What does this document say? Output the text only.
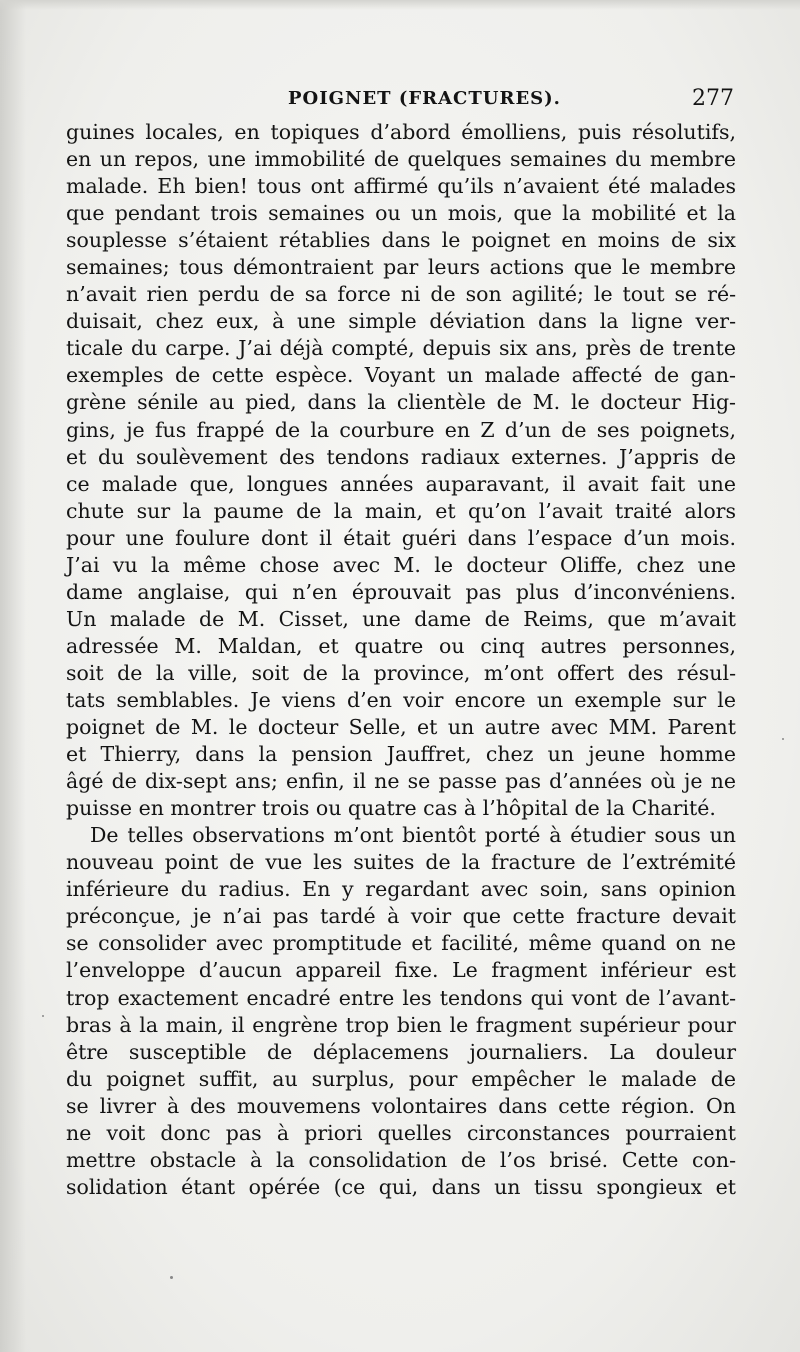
POIGNET (FRACTURES).	277
guines locales, en topiques d’abord émolliens, puis résolutifs,
en un repos, une immobilité de quelques semaines du membre
malade. Eh bien! tous ont affirmé qu’ils n’avaient été malades
que pendant trois semaines ou un mois, que la mobilité et la
souplesse s’étaient rétablies dans le poignet en moins de six
semaines; tous démontraient par leurs actions que le membre
n’avait rien perdu de sa force ni de son agilité; le tout se ré-
duisait, chez eux, à une simple déviation dans la ligne ver-
ticale du carpe. J’ai déjà compté, depuis six ans, près de trente
exemples de cette espèce. Voyant un malade affecté de gan-
grène sénile au pied, dans la clientèle de M. le docteur Hig-
gins, je fus frappé de la courbure en Z d’un de ses poignets,
et du soulèvement des tendons radiaux externes. J’appris de
ce malade que, longues années auparavant, il avait fait une
chute sur la paume de la main, et qu’on l’avait traité alors
pour une foulure dont il était guéri dans l’espace d’un mois.
J’ai vu la même chose avec M. le docteur Oliffe, chez une
dame anglaise, qui n’en éprouvait pas plus d’inconvéniens.
Un malade de M. Cisset, une dame de Reims, que m’avait
adressée M. Maldan, et quatre ou cinq autres personnes,
soit de la ville, soit de la province, m’ont offert des résul-
tats semblables. Je viens d’en voir encore un exemple sur le
poignet de M. le docteur Selle, et un autre avec MM. Parent
et Thierry, dans la pension Jauffret, chez un jeune homme
âgé de dix-sept ans; enfin, il ne se passe pas d’années où je ne
puisse en montrer trois ou quatre cas à l’hôpital de la Charité.
De telles observations m’ont bientôt porté à étudier sous un
nouveau point de vue les suites de la fracture de l’extrémité
inférieure du radius. En y regardant avec soin, sans opinion
préconçue, je n’ai pas tardé à voir que cette fracture devait
se consolider avec promptitude et facilité, même quand on ne
l’enveloppe d’aucun appareil fixe. Le fragment inférieur est
trop exactement encadré entre les tendons qui vont de l’avant-
bras à la main, il engrène trop bien le fragment supérieur pour
être susceptible de déplacemens journaliers. La douleur
du poignet suffit, au surplus, pour empêcher le malade de
se livrer à des mouvemens volontaires dans cette région. On
ne voit donc pas à priori quelles circonstances pourraient
mettre obstacle à la consolidation de l’os brisé. Cette con-
solidation étant opérée (ce qui, dans un tissu spongieux et
